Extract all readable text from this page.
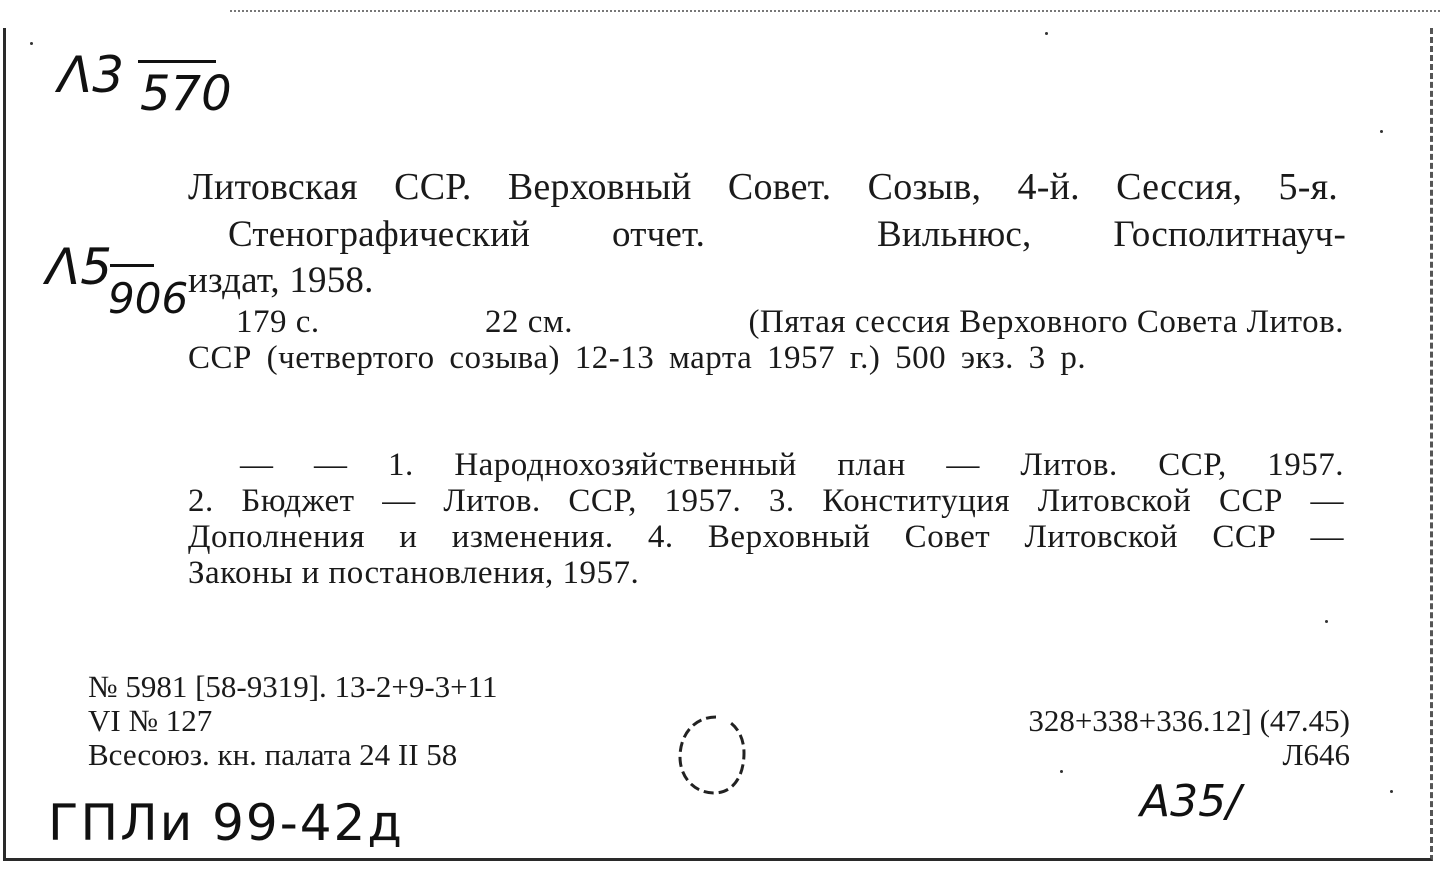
Λ3 570
Λ5
906
Литовская ССР. Верховный Совет. Созыв, 4-й. Сессия, 5-я.
Стенографический отчет.	Вильнюс, Госполитнауч-
издат, 1958.
179 с.	22 см.	(Пятая сессия Верховного Совета Литов.
ССР (четвертого созыва) 12-13 марта 1957 г.) 500 экз. 3 р.
— — 1. Народнохозяйственный план — Литов. ССР, 1957.
2. Бюджет — Литов. ССР, 1957. 3. Конституция Литовской ССР —
Дополнения и изменения. 4. Верховный Совет Литовской ССР —
Законы и постановления, 1957.
№ 5981 [58-9319]. 13-2+9-3+11
VI № 127
Всесоюз. кн. палата 24 II 58
328+338+336.12] (47.45)
Л646
ГПЛи 99-42д	А35/
